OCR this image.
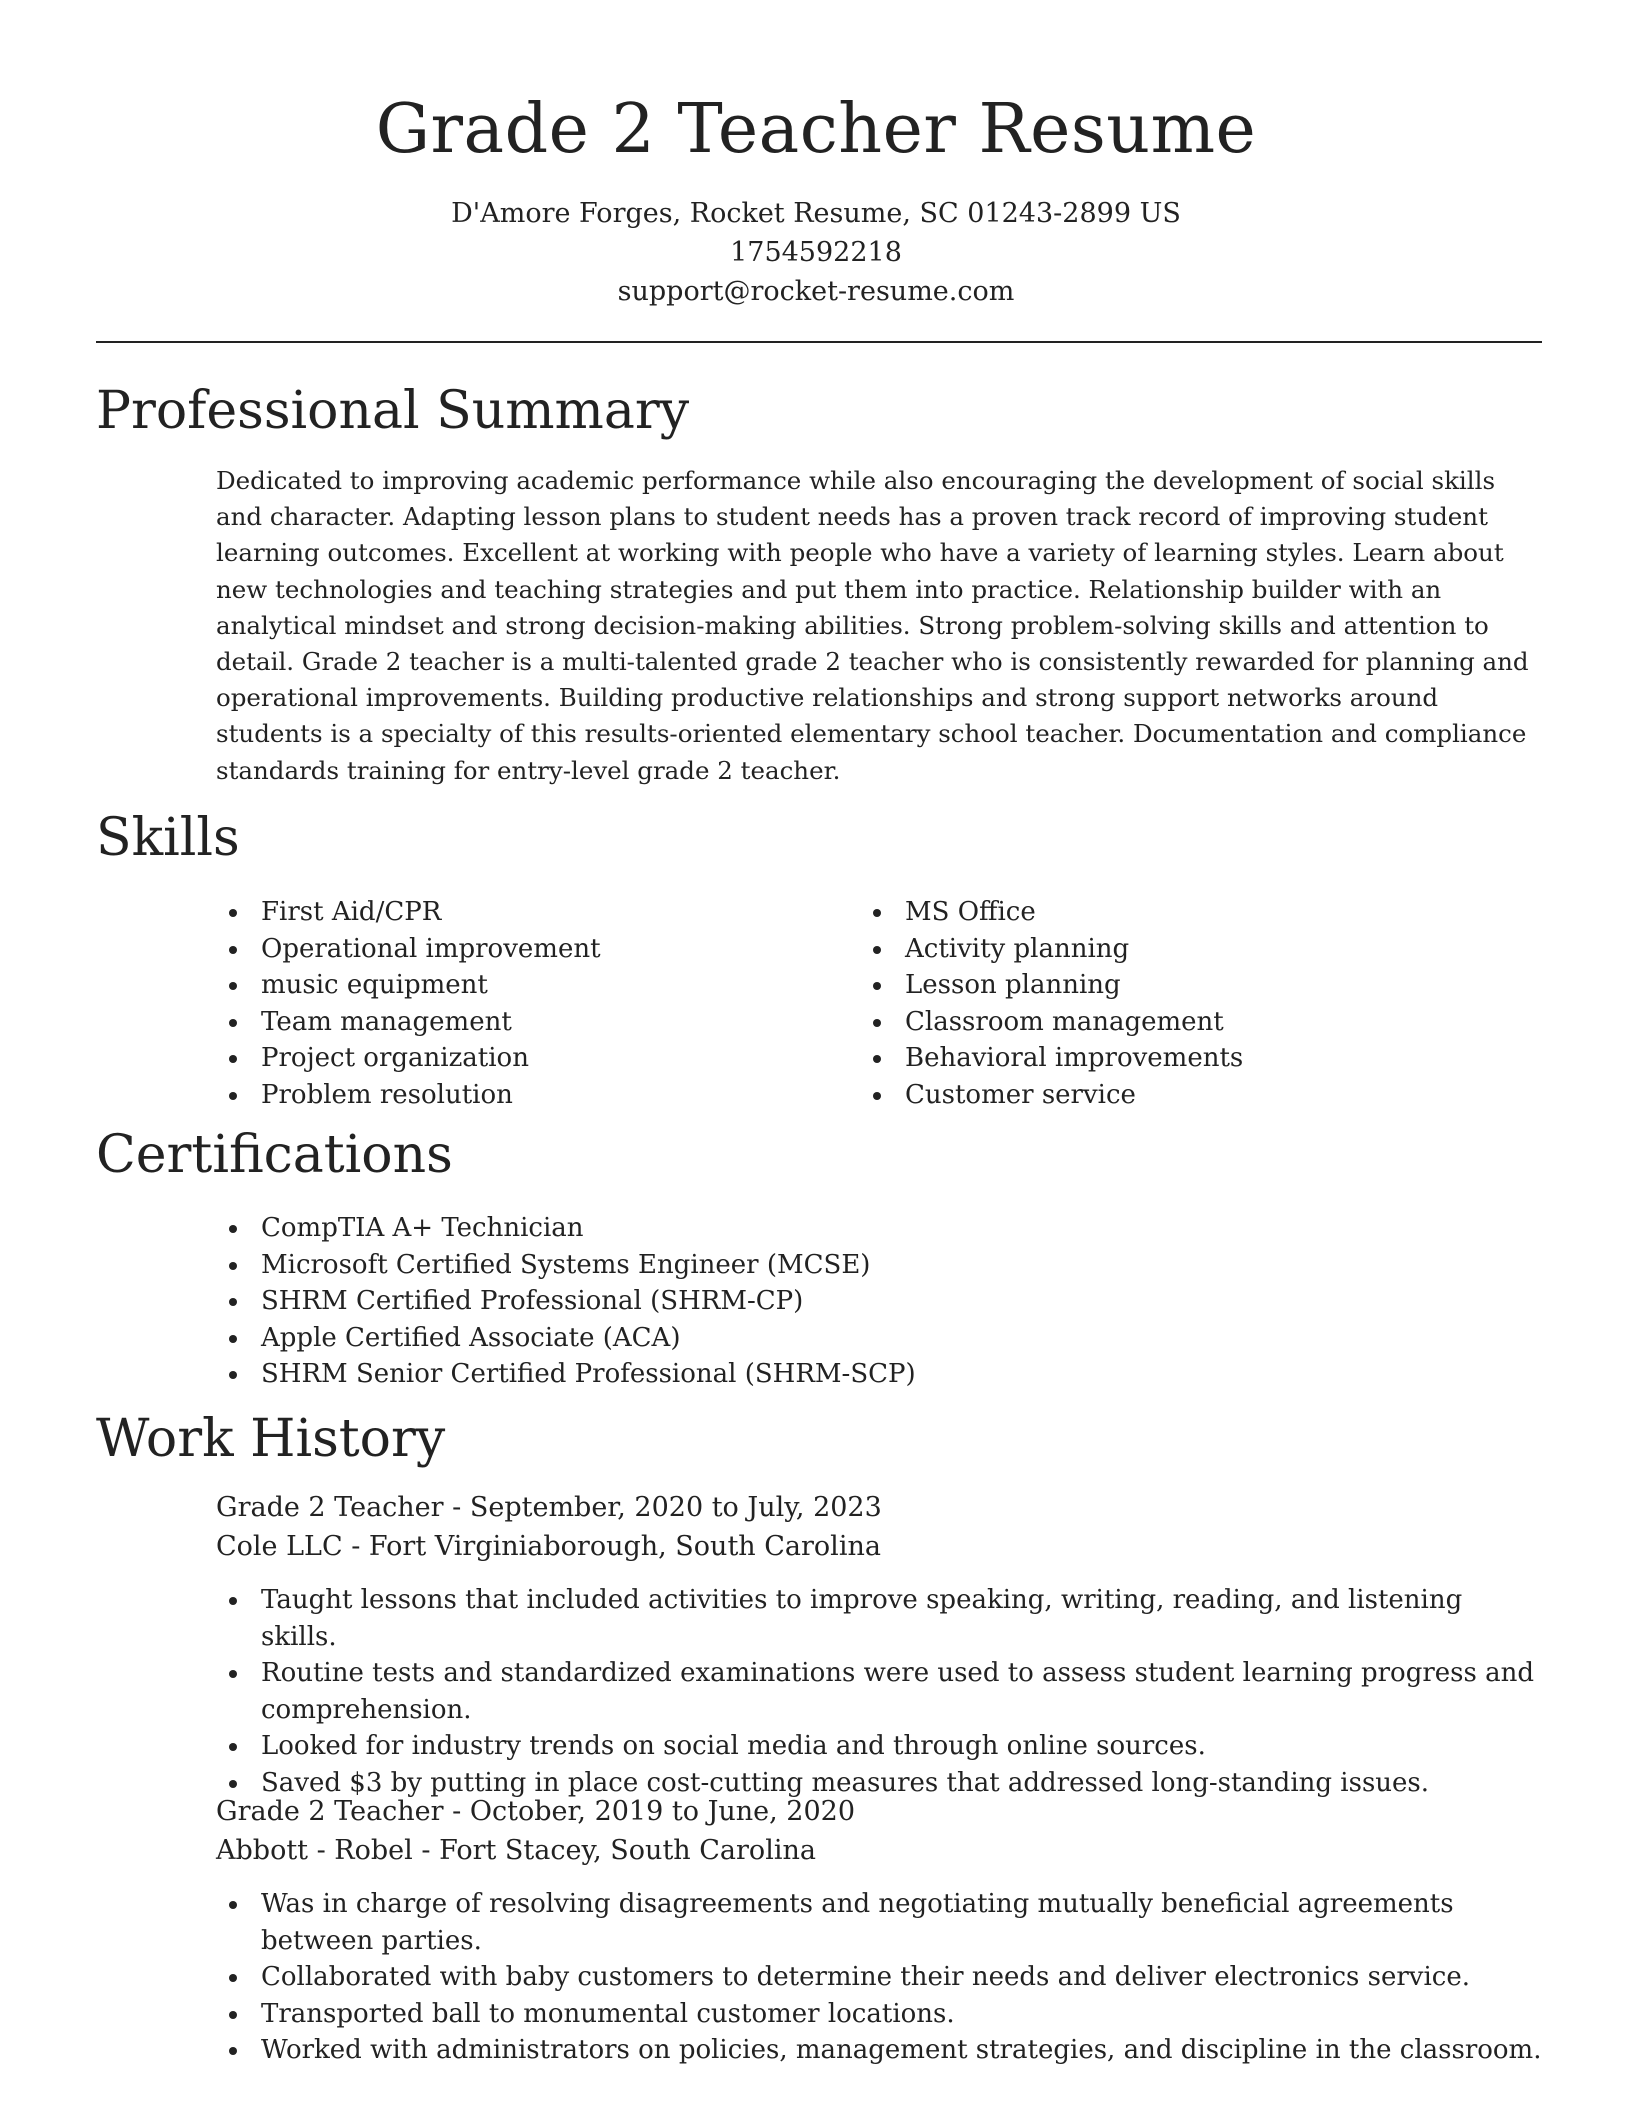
Grade 2 Teacher Resume
D'Amore Forges, Rocket Resume, SC 01243-2899 US
1754592218
support@rocket-resume.com
Professional Summary

Dedicated to improving academic performance while also encouraging the development of social skills and character. Adapting lesson plans to student needs has a proven track record of improving student learning outcomes. Excellent at working with people who have a variety of learning styles. Learn about new technologies and teaching strategies and put them into practice. Relationship builder with an analytical mindset and strong decision-making abilities. Strong problem-solving skills and attention to detail. Grade 2 teacher is a multi-talented grade 2 teacher who is consistently rewarded for planning and operational improvements. Building productive relationships and strong support networks around students is a specialty of this results-oriented elementary school teacher. Documentation and compliance standards training for entry-level grade 2 teacher.

Skills
First Aid/CPR
Operational improvement
music equipment
Team management
Project organization
Problem resolution
MS Office
Activity planning
Lesson planning
Classroom management
Behavioral improvements
Customer service
Certifications
CompTIA A+ Technician
Microsoft Certified Systems Engineer (MCSE)
SHRM Certified Professional (SHRM-CP)
Apple Certified Associate (ACA)
SHRM Senior Certified Professional (SHRM-SCP)
Work History
Grade 2 Teacher - September, 2020 to July, 2023
Cole LLC - Fort Virginiaborough, South Carolina
Taught lessons that included activities to improve speaking, writing, reading, and listening skills.
Routine tests and standardized examinations were used to assess student learning progress and comprehension.
Looked for industry trends on social media and through online sources.
Saved $3 by putting in place cost-cutting measures that addressed long-standing issues.
Grade 2 Teacher - October, 2019 to June, 2020
Abbott - Robel - Fort Stacey, South Carolina
Was in charge of resolving disagreements and negotiating mutually beneficial agreements between parties.
Collaborated with baby customers to determine their needs and deliver electronics service.
Transported ball to monumental customer locations.
Worked with administrators on policies, management strategies, and discipline in the classroom.
